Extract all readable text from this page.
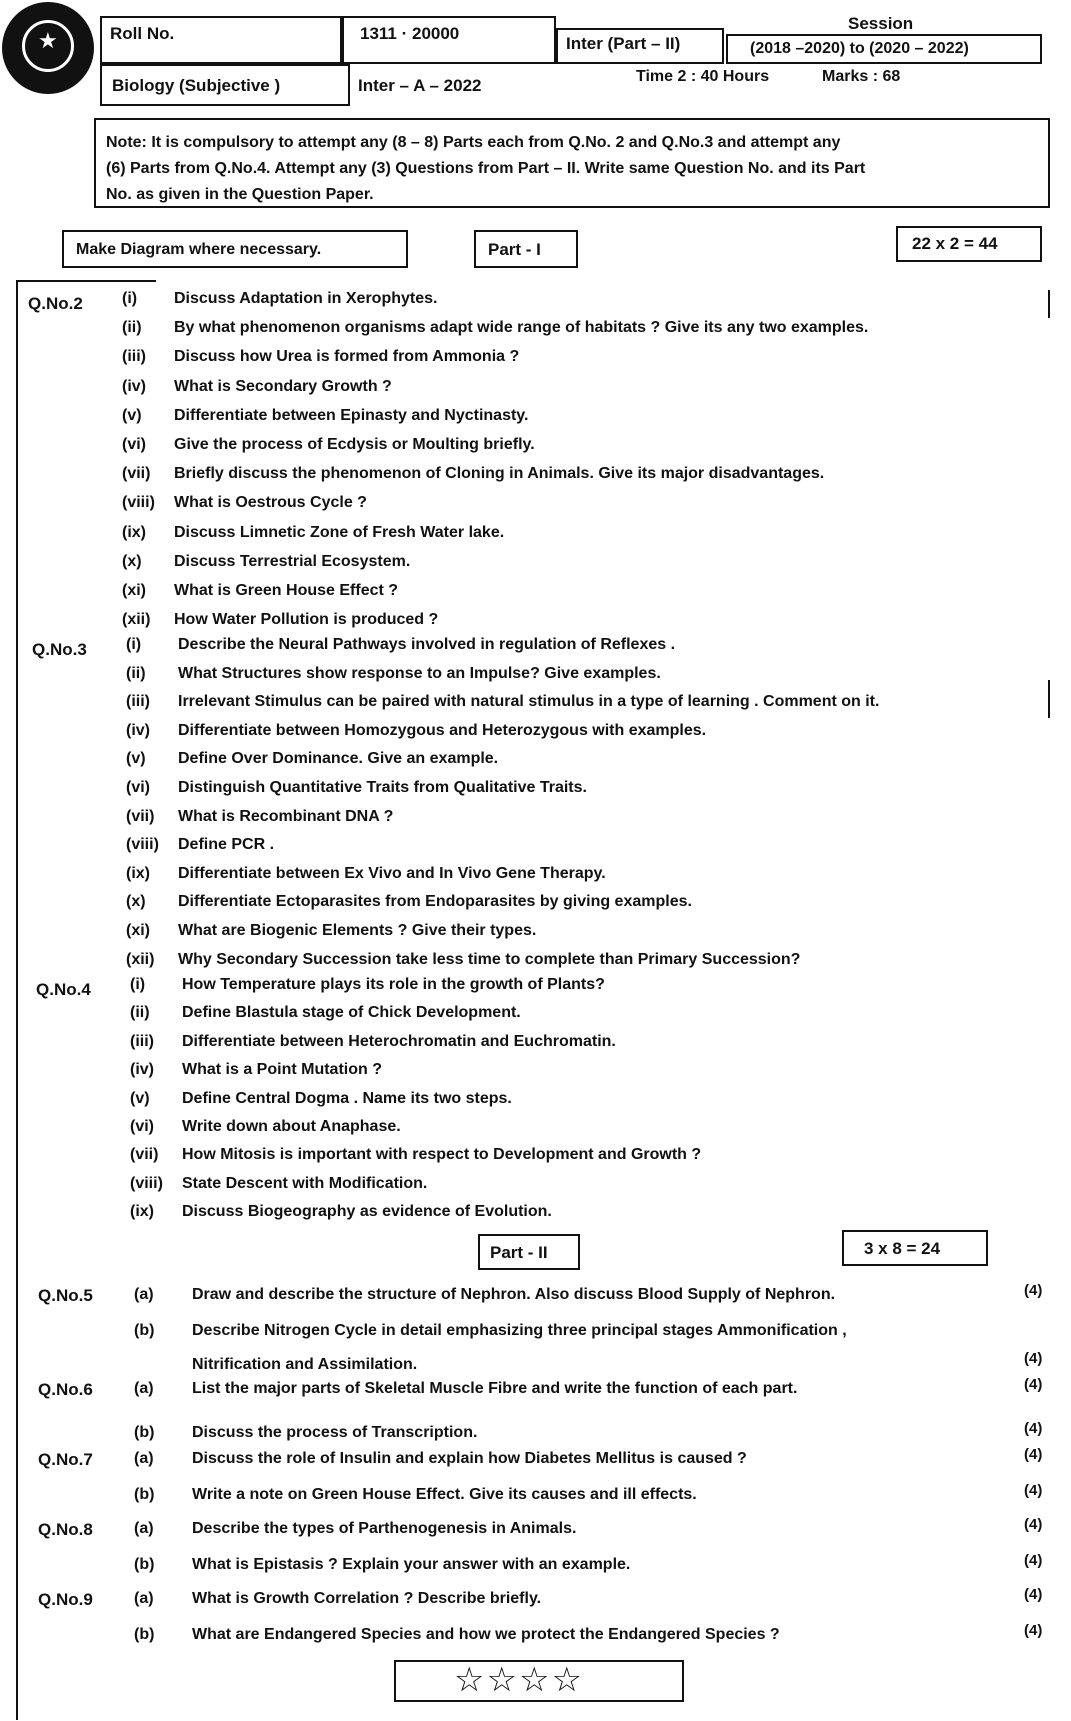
★	Roll No.	1311 · 20000
Inter (Part – II)
Session
(2018 –2020) to (2020 – 2022)
Biology (Subjective )	Inter – A – 2022	Time 2 : 40 Hours	Marks : 68
Note: It is compulsory to attempt any (8 – 8) Parts each from Q.No. 2 and Q.No.3 and attempt any
(6) Parts from Q.No.4. Attempt any (3) Questions from Part – II. Write same Question No. and its Part
No. as given in the Question Paper.
Make Diagram where necessary.	Part - I	22 x 2 = 44
Q.No.2 (i) Discuss Adaptation in Xerophytes.
(ii) By what phenomenon organisms adapt wide range of habitats ? Give its any two examples.
(iii) Discuss how Urea is formed from Ammonia ?
(iv) What is Secondary Growth ?
(v) Differentiate between Epinasty and Nyctinasty.
(vi) Give the process of Ecdysis or Moulting briefly.
(vii) Briefly discuss the phenomenon of Cloning in Animals. Give its major disadvantages.
(viii) What is Oestrous Cycle ?
(ix) Discuss Limnetic Zone of Fresh Water lake.
(x) Discuss Terrestrial Ecosystem.
(xi) What is Green House Effect ?
(xii) How Water Pollution is produced ?
Q.No.3 (i) Describe the Neural Pathways involved in regulation of Reflexes .
(ii) What Structures show response to an Impulse? Give examples.
(iii) Irrelevant Stimulus can be paired with natural stimulus in a type of learning . Comment on it.
(iv) Differentiate between Homozygous and Heterozygous with examples.
(v) Define Over Dominance. Give an example.
(vi) Distinguish Quantitative Traits from Qualitative Traits.
(vii) What is Recombinant DNA ?
(viii) Define PCR .
(ix) Differentiate between Ex Vivo and In Vivo Gene Therapy.
(x) Differentiate Ectoparasites from Endoparasites by giving examples.
(xi) What are Biogenic Elements ? Give their types.
(xii) Why Secondary Succession take less time to complete than Primary Succession?
Q.No.4 (i) How Temperature plays its role in the growth of Plants?
(ii) Define Blastula stage of Chick Development.
(iii) Differentiate between Heterochromatin and Euchromatin.
(iv) What is a Point Mutation ?
(v) Define Central Dogma . Name its two steps.
(vi) Write down about Anaphase.
(vii) How Mitosis is important with respect to Development and Growth ?
(viii) State Descent with Modification.
(ix) Discuss Biogeography as evidence of Evolution.
Part - II	3 x 8 = 24
Q.No.5	(a) Draw and describe the structure of Nephron. Also discuss Blood Supply of Nephron.	(4)
(b) Describe Nitrogen Cycle in detail emphasizing three principal stages Ammonification ,
Nitrification and Assimilation.	(4)
Q.No.6	(a) List the major parts of Skeletal Muscle Fibre and write the function of each part.	(4)
(b) Discuss the process of Transcription.	(4)
Q.No.7	(a) Discuss the role of Insulin and explain how Diabetes Mellitus is caused ?	(4)
(b) Write a note on Green House Effect. Give its causes and ill effects.	(4)
Q.No.8	(a) Describe the types of Parthenogenesis in Animals.	(4)
(b) What is Epistasis ? Explain your answer with an example.	(4)
Q.No.9	(a) What is Growth Correlation ? Describe briefly.	(4)
(b) What are Endangered Species and how we protect the Endangered Species ?	(4)
☆☆☆☆
